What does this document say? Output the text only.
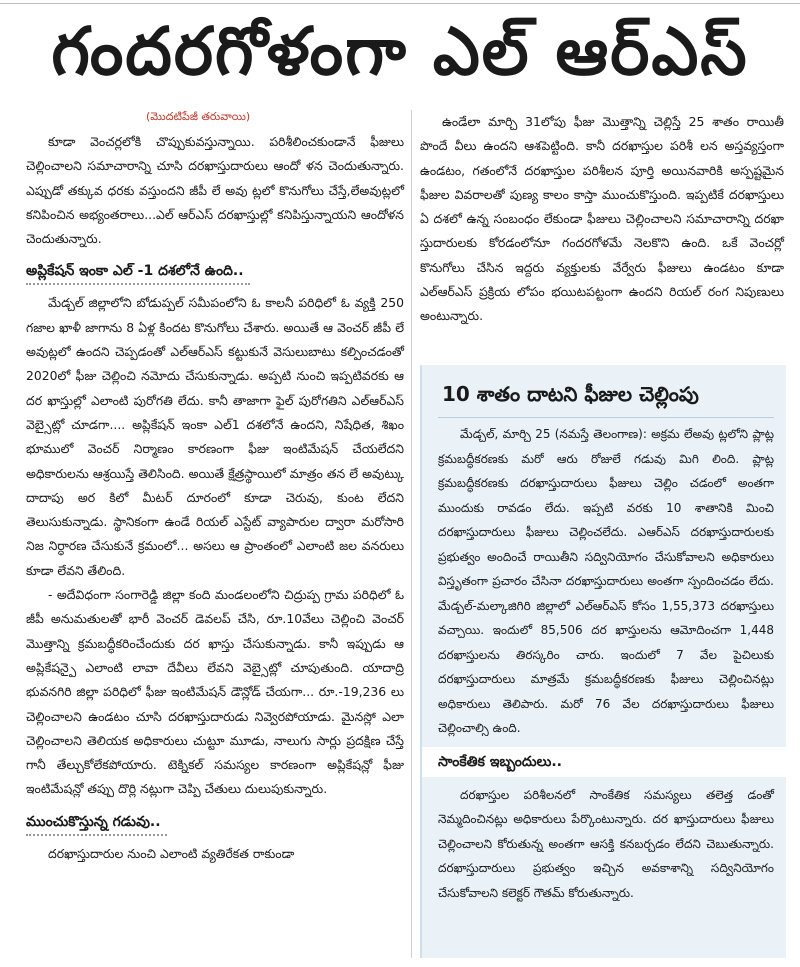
గందరగోళంగా ఎల్ ఆర్ఎస్
(మొదటిపేజీ తరువాయి)

కూడా వెంచర్లలోకి చొప్పుకువస్తున్నాయి. పరిశీలించకుండానే ఫీజులు చెల్లించాలని సమాచారాన్ని చూసి దరఖాస్తుదారులు ఆందో ళన చెందుతున్నారు. ఎప్పుడో తక్కువ ధరకు వస్తుందని జీపీ లే అవు ట్లలో కొనుగోలు చేస్తే,లేఅవుట్లలో కనిపించిన అభ్యంతరాలు...ఎల్ ఆర్ఎస్ దరఖాస్తుల్లో కనిపిస్తున్నాయని ఆందోళన చెందుతున్నారు.

అప్లికేషన్ ఇంకా ఎల్ -1 దశలోనే ఉంది..

మేడ్చల్ జిల్లాలోని బోడుప్పల్ సమీపంలోని ఓ కాలనీ పరిధిలో ఓ వ్యక్తి 250 గజాల ఖాళీ జాగాను 8 ఏళ్ల కిందట కొనుగోలు చేశారు. అయితే ఆ వెంచర్ జీపీ లే అవుట్లలో ఉందని చెప్పడంతో ఎల్ఆర్ఎస్ కట్టుకునే వెసులుబాటు కల్పించడంతో 2020లో ఫీజు చెల్లించి నమోదు చేసుకున్నాడు. అప్పటి నుంచి ఇప్పటివరకు ఆ దర ఖాస్తుల్లో ఎలాంటి పురోగతి లేదు. కానీ తాజాగా ఫైల్ పురోగతిని ఎల్ఆర్ఎస్ వెబ్సైట్లో చూడగా.... అప్లికేషన్ ఇంకా ఎల్1 దశలోనే ఉందని, నిషేధిత, శిఖం భూములో వెంచర్ నిర్మాణం కారణంగా ఫీజు ఇంటిమేషన్ చేయలేదని అధికారులను ఆశ్రయిస్తే తెలిసింది. అయితే క్షేత్రస్థాయిలో మాత్రం తన లే అవుట్కు దాదాపు అర కిలో మీటర్ దూరంలో కూడా చెరువు, కుంట లేదని తెలుసుకున్నాడు. స్థానికంగా ఉండే రియల్ ఎస్టేట్ వ్యాపారుల ద్వారా మరోసారి నిజ నిర్ధారణ చేసుకునే క్రమంలో... అసలు ఆ ప్రాంతంలో ఎలాంటి జల వనరులు కూడా లేవని తేలింది.

- అదేవిధంగా సంగారెడ్డి జిల్లా కంది మండలంలోని చిద్రుప్ప గ్రామ పరిధిలో ఓ జీపీ అనుమతులతో భారీ వెంచర్ డెవలప్ చేసి, రూ.10వేలు చెల్లించి వెంచర్ మొత్తాన్ని క్రమబద్ధీకరించేందుకు దర ఖాస్తు చేసుకున్నాడు. కానీ ఇప్పుడు ఆ అప్లికేషన్పై ఎలాంటి లావా దేవీలు లేవని వెబ్సైట్లో చూపుతుంది. యాదాద్రి భువనగిరి జిల్లా పరిధిలో ఫీజు ఇంటిమేషన్ డౌన్లోడ్ చేయగా... రూ.-19,236 లు చెల్లించాలని ఉండటం చూసి దరఖాస్తుదారుడు నివ్వెరపోయాడు. మైనస్లో ఎలా చెల్లించాలని తెలియక అధికారులు చుట్టూ మూడు, నాలుగు సార్లు ప్రదక్షిణ చేస్తే గానీ తేల్చుకోలేకపోయారు. టెక్నికల్ సమస్యల కారణంగా అప్లికేషన్లో ఫీజు ఇంటిమేషన్లో తప్పు దొర్లి నట్లుగా చెప్పి చేతులు దులుపుకున్నారు.

ముంచుకొస్తున్న గడువు..

దరఖాస్తుదారుల నుంచి ఎలాంటి వ్యతిరేకత రాకుండా

ఉండేలా మార్చి 31లోపు ఫీజు మొత్తాన్ని చెల్లిస్తే 25 శాతం రాయితీ పొందే వీలు ఉందని ఆశపెట్టింది. కానీ దరఖాస్తుల పరిశీ లన అస్తవ్యస్తంగా ఉండటం, గతంలోనే దరఖాస్తుల పరిశీలన పూర్తి అయినవారికి అస్పష్టమైన ఫీజుల వివరాలతో పుణ్య కాలం కాస్తా ముంచుకొస్తుంది. ఇప్పటికే దరఖాస్తులు ఏ దశలో ఉన్న సంబంధం లేకుండా ఫీజులు చెల్లించాలని సమాచారాన్ని దరఖా స్తుదారులకు కోరడంలోనూ గందరగోళమే నెలకొని ఉంది. ఒకే వెంచర్లో కొనుగోలు చేసిన ఇద్దరు వ్యక్తులకు వేర్వేరు ఫీజులు ఉండటం కూడా ఎల్ఆర్ఎస్ ప్రక్రియ లోపం భయిటపట్టంగా ఉందని రియల్ రంగ నిపుణులు అంటున్నారు.

10 శాతం దాటని ఫీజుల చెల్లింపు

మేడ్చల్, మార్చి 25 (నమస్తే తెలంగాణ): అక్రమ లేఅవు ట్లలోని ప్లాట్ల క్రమబద్ధీకరణకు మరో ఆరు రోజులే గడువు మిగి లింది. ప్లాట్ల క్రమబద్ధీకరణకు దరఖాస్తుదారులు ఫీజులు చెల్లిం చడంలో అంతగా ముందుకు రావడం లేదు. ఇప్పటి వరకు 10 శాతానికి మించి దరఖాస్తుదారులు ఫీజులు చెల్లించలేదు. ఎఆర్ఎస్ దరఖాస్తుదారులకు ప్రభుత్వం అందించే రాయితీని సద్వినియోగం చేసుకోవాలని అధికారులు విస్తృతంగా ప్రచారం చేసినా దరఖాస్తుదారులు అంతగా స్పందించడం లేదు. మేడ్చల్-మల్కాజిగిరి జిల్లాలో ఎల్ఆర్ఎస్ కోసం 1,55,373 దరఖాస్తులు వచ్చాయి. ఇందులో 85,506 దర ఖాస్తులను ఆమోదించగా 1,448 దరఖాస్తులను తిరస్కరిం చారు. ఇందులో 7 వేల పైచిలుకు దరఖాస్తుదారులు మాత్రమే క్రమబద్ధీకరణకు ఫీజులు చెల్లించినట్లు అధికారులు తెలిపారు. మరో 76 వేల దరఖాస్తుదారులు ఫీజులు చెల్లించాల్సి ఉంది.

సాంకేతిక ఇబ్బందులు..

దరఖాస్తుల పరిశీలనలో సాంకేతిక సమస్యలు తలెత్త డంతో నెమ్మదించినట్లు అధికారులు పేర్కొంటున్నారు. దర ఖాస్తుదారులు ఫీజులు చెల్లించాలని కోరుతున్న అంతగా ఆసక్తి కనబర్చడం లేదని చెబుతున్నారు. దరఖాస్తుదారులు ప్రభుత్వం ఇచ్చిన అవకాశాన్ని సద్వినియోగం చేసుకోవాలని కలెక్టర్ గౌతమ్ కోరుతున్నారు.
